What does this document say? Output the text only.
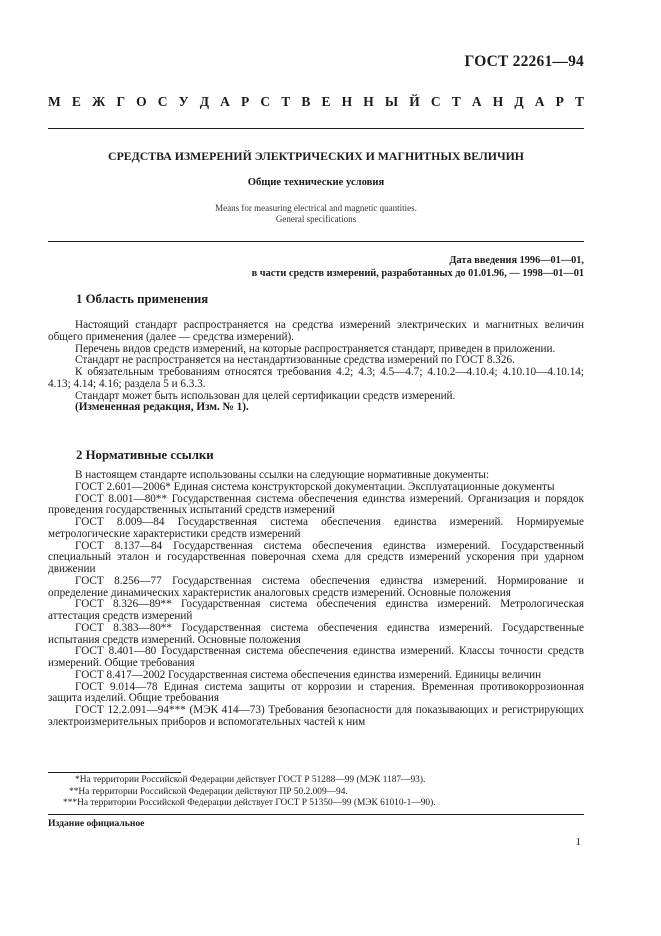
ГОСТ 22261—94
М Е Ж Г О С У Д А Р С Т В Е Н Н Ы Й С Т А Н Д А Р Т
СРЕДСТВА ИЗМЕРЕНИЙ ЭЛЕКТРИЧЕСКИХ И МАГНИТНЫХ ВЕЛИЧИН
Общие технические условия
Means for measuring electrical and magnetic quantities.
General specifications
Дата введения 1996—01—01,
в части средств измерений, разработанных до 01.01.96, — 1998—01—01
1 Область применения

Настоящий стандарт распространяется на средства измерений электрических и магнитных величин общего применения (далее — средства измерений).

Перечень видов средств измерений, на которые распространяется стандарт, приведен в приложении.

Стандарт не распространяется на нестандартизованные средства измерений по ГОСТ 8.326.

К обязательным требованиям относятся требования 4.2; 4.3; 4.5—4.7; 4.10.2—4.10.4; 4.10.10—4.10.14; 4.13; 4.14; 4.16; раздела 5 и 6.3.3.

Стандарт может быть использован для целей сертификации средств измерений.

(Измененная редакция, Изм. № 1).

2 Нормативные ссылки

В настоящем стандарте использованы ссылки на следующие нормативные документы:

ГОСТ 2.601—2006* Единая система конструкторской документации. Эксплуатационные документы

ГОСТ 8.001—80** Государственная система обеспечения единства измерений. Организация и порядок проведения государственных испытаний средств измерений

ГОСТ 8.009—84 Государственная система обеспечения единства измерений. Нормируемые метрологические характеристики средств измерений

ГОСТ 8.137—84 Государственная система обеспечения единства измерений. Государственный специальный эталон и государственная поверочная схема для средств измерений ускорения при ударном движении

ГОСТ 8.256—77 Государственная система обеспечения единства измерений. Нормирование и определение динамических характеристик аналоговых средств измерений. Основные положения

ГОСТ 8.326—89** Государственная система обеспечения единства измерений. Метрологическая аттестация средств измерений

ГОСТ 8.383—80** Государственная система обеспечения единства измерений. Государственные испытания средств измерений. Основные положения

ГОСТ 8.401—80 Государственная система обеспечения единства измерений. Классы точности средств измерений. Общие требования

ГОСТ 8.417—2002 Государственная система обеспечения единства измерений. Единицы величин

ГОСТ 9.014—78 Единая система защиты от коррозии и старения. Временная противокоррозионная защита изделий. Общие требования

ГОСТ 12.2.091—94*** (МЭК 414—73) Требования безопасности для показывающих и регистрирующих электроизмерительных приборов и вспомогательных частей к ним

*На территории Российской Федерации действует ГОСТ Р 51288—99 (МЭК 1187—93).

**На территории Российской Федерации действуют ПР 50.2.009—94.

***На территории Российской Федерации действует ГОСТ Р 51350—99 (МЭК 61010-1—90).

Издание официальное
1
